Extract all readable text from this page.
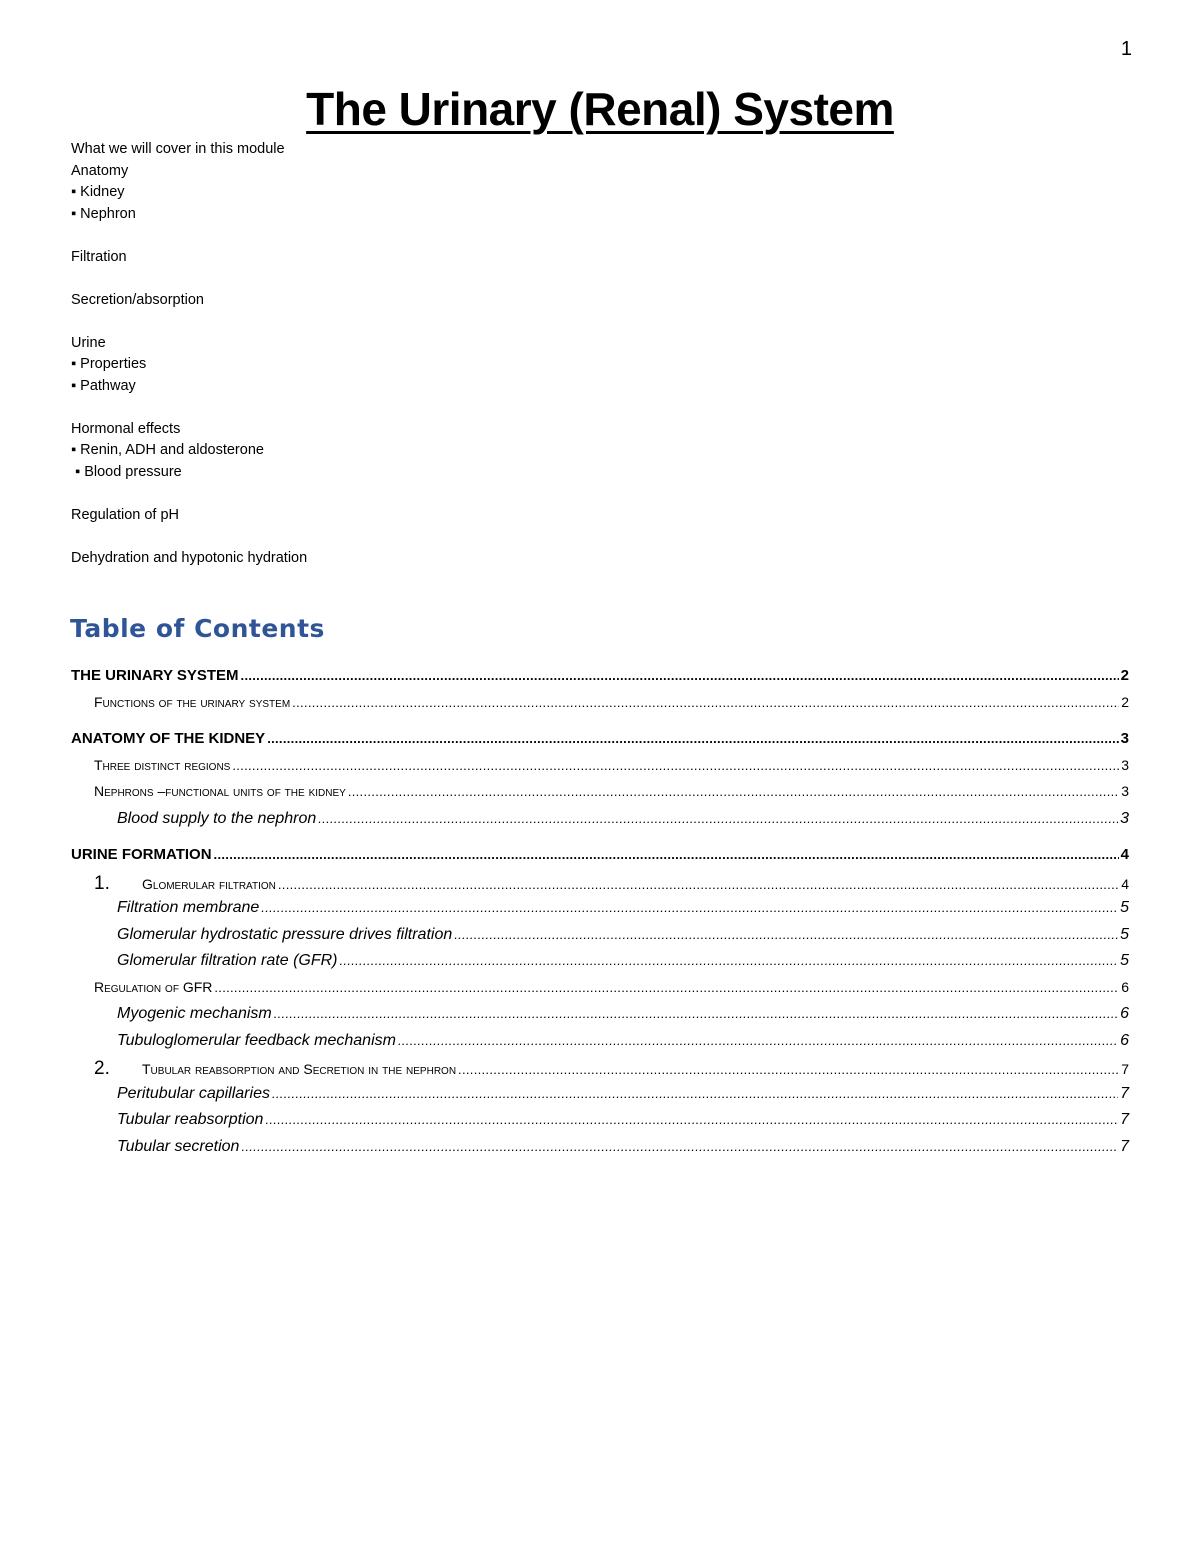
1
The Urinary (Renal) System
What we will cover in this module
Anatomy
▪ Kidney
▪ Nephron
Filtration
Secretion/absorption
Urine
▪ Properties
▪ Pathway
Hormonal effects
▪ Renin, ADH and aldosterone
▪ Blood pressure
Regulation of pH
Dehydration and hypotonic hydration
Table of Contents
THE URINARY SYSTEM .....	2
Functions of the urinary system .....	2
ANATOMY OF THE KIDNEY .....	3
Three distinct regions .....	3
Nephrons –functional units of the kidney .....	3
Blood supply to the nephron .....	3
URINE FORMATION .....	4
1. Glomerular filtration .....	4
Filtration membrane .....	5
Glomerular hydrostatic pressure drives filtration .....	5
Glomerular filtration rate (GFR) .....	5
Regulation of GFR .....	6
Myogenic mechanism .....	6
Tubuloglomerular feedback mechanism .....	6
2. Tubular reabsorption and Secretion in the nephron .....	7
Peritubular capillaries .....	7
Tubular reabsorption .....	7
Tubular secretion .....	7
